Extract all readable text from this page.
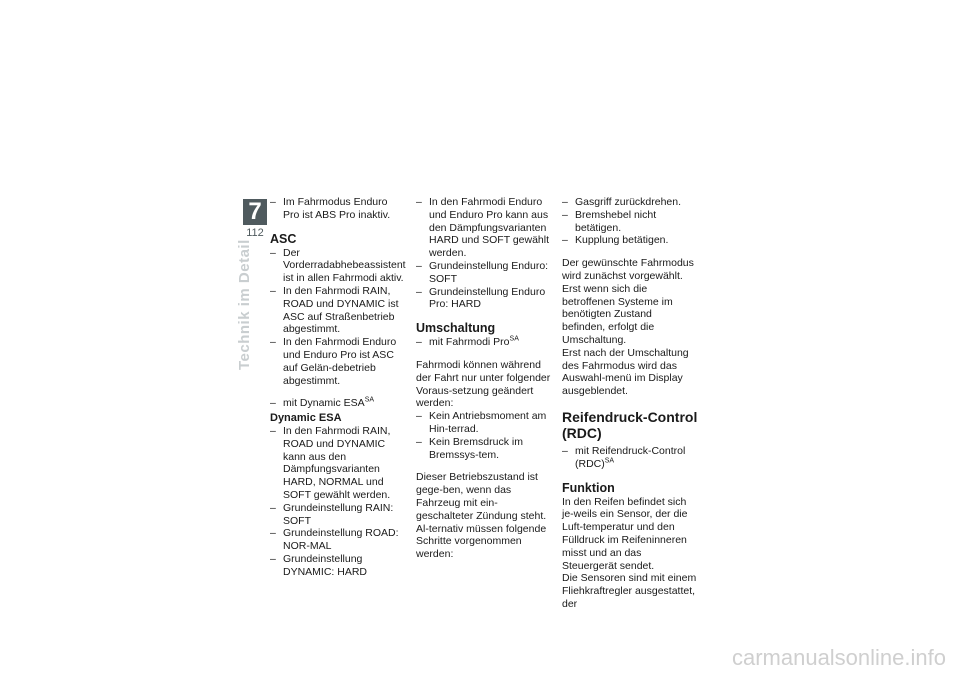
7
112
Technik im Detail

– Im Fahrmodus Enduro Pro ist ABS Pro inaktiv.

ASC

– Der Vorderradabhebeassistent ist in allen Fahrmodi aktiv.

– In den Fahrmodi RAIN, ROAD und DYNAMIC ist ASC auf Straßenbetrieb abgestimmt.

– In den Fahrmodi Enduro und Enduro Pro ist ASC auf Gelän-debetrieb abgestimmt.

– mit Dynamic $ESA^{SA}$

Dynamic ESA

– In den Fahrmodi RAIN, ROAD und DYNAMIC kann aus den Dämpfungsvarianten HARD, NORMAL und SOFT gewählt werden.

– Grundeinstellung RAIN: SOFT

– Grundeinstellung ROAD: NOR-MAL

– Grundeinstellung DYNAMIC: HARD

– In den Fahrmodi Enduro und Enduro Pro kann aus den Dämpfungsvarianten HARD und SOFT gewählt werden.

– Grundeinstellung Enduro: SOFT

– Grundeinstellung Enduro Pro: HARD

Umschaltung

– mit Fahrmodi Pro$^{SA}$

Fahrmodi können während der Fahrt nur unter folgender Voraus-setzung geändert werden:

– Kein Antriebsmoment am Hin-terrad.

– Kein Bremsdruck im Bremssys-tem.

Dieser Betriebszustand ist gege-ben, wenn das Fahrzeug mit ein-geschalteter Zündung steht. Al-ternativ müssen folgende Schritte vorgenommen werden:

– Gasgriff zurückdrehen.

– Bremshebel nicht betätigen.

– Kupplung betätigen.

Der gewünschte Fahrmodus wird zunächst vorgewählt. Erst wenn sich die betroffenen Systeme im benötigten Zustand befinden, erfolgt die Umschaltung.

Erst nach der Umschaltung des Fahrmodus wird das Auswahl-menü im Display ausgeblendet.

Reifendruck-Control (RDC)

– mit Reifendruck-Control (RDC)$^{SA}$

Funktion

In den Reifen befindet sich je-weils ein Sensor, der die Luft-temperatur und den Fülldruck im Reifeninneren misst und an das Steuergerät sendet.

Die Sensoren sind mit einem Fliehkraftregler ausgestattet, der

carmanualsonline.info
